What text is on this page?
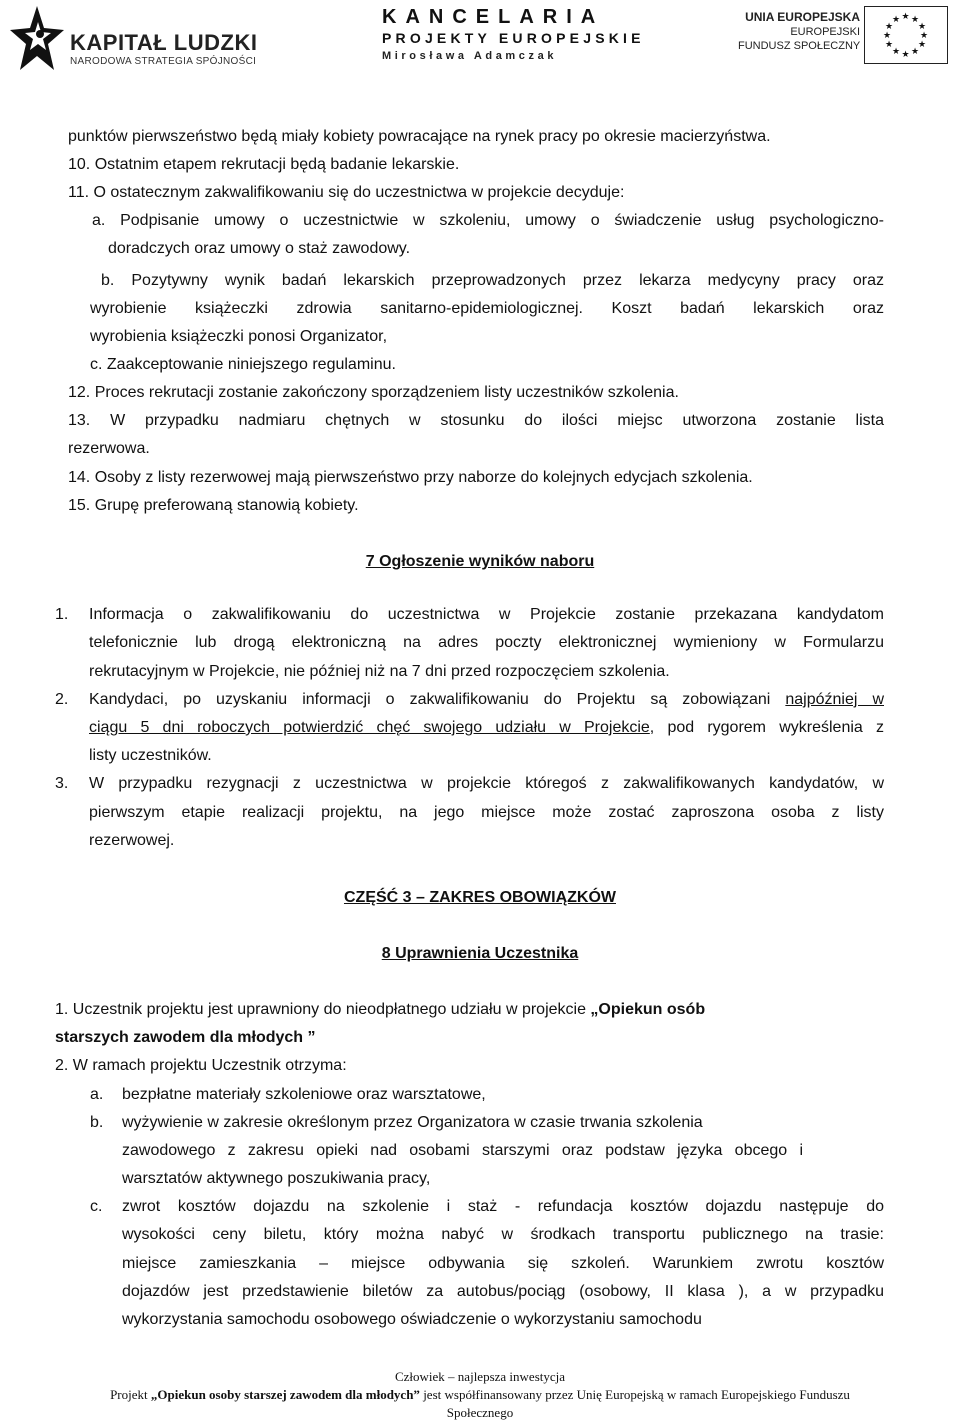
KAPITAŁ LUDZKI
NARODOWA STRATEGIA SPÓJNOŚCI
KANCELARIA
PROJEKTY EUROPEJSKIE
Mirosława Adamczak
UNIA EUROPEJSKA
EUROPEJSKI
FUNDUSZ SPOŁECZNY
★ ★
★
★
★
★
★
★
★
★
★
★
punktów pierwszeństwo będą miały kobiety powracające na rynek pracy po okresie macierzyństwa.
10. Ostatnim etapem rekrutacji będą badanie lekarskie.
11. O ostatecznym zakwalifikowaniu się do uczestnictwa w projekcie decyduje:
a. Podpisanie umowy o uczestnictwie w szkoleniu, umowy o świadczenie usług psychologiczno-
doradczych oraz umowy o staż zawodowy.
b. Pozytywny wynik badań lekarskich przeprowadzonych przez lekarza medycyny pracy oraz
wyrobienie książeczki zdrowia sanitarno-epidemiologicznej. Koszt badań lekarskich oraz
wyrobienia książeczki ponosi Organizator,
c. Zaakceptowanie niniejszego regulaminu.
12. Proces rekrutacji zostanie zakończony sporządzeniem listy uczestników szkolenia.
13. W przypadku nadmiaru chętnych w stosunku do ilości miejsc utworzona zostanie lista
rezerwowa.
14. Osoby z listy rezerwowej mają pierwszeństwo przy naborze do kolejnych edycjach szkolenia.
15. Grupę preferowaną stanowią kobiety.
7 Ogłoszenie wyników naboru
1. Informacja o zakwalifikowaniu do uczestnictwa w Projekcie zostanie przekazana kandydatom
telefonicznie lub drogą elektroniczną na adres poczty elektronicznej wymieniony w Formularzu
rekrutacyjnym w Projekcie, nie później niż na 7 dni przed rozpoczęciem szkolenia.
2. Kandydaci, po uzyskaniu informacji o zakwalifikowaniu do Projektu są zobowiązani najpóźniej w
ciągu 5 dni roboczych potwierdzić chęć swojego udziału w Projekcie, pod rygorem wykreślenia z
listy uczestników.
3. W przypadku rezygnacji z uczestnictwa w projekcie któregoś z zakwalifikowanych kandydatów, w
pierwszym etapie realizacji projektu, na jego miejsce może zostać zaproszona osoba z listy
rezerwowej.
CZĘŚĆ 3 – ZAKRES OBOWIĄZKÓW
8 Uprawnienia Uczestnika
1. Uczestnik projektu jest uprawniony do nieodpłatnego udziału w projekcie „Opiekun osób
starszych zawodem dla młodych ”
2. W ramach projektu Uczestnik otrzyma:
a. bezpłatne materiały szkoleniowe oraz warsztatowe,
b. wyżywienie w zakresie określonym przez Organizatora w czasie trwania szkolenia
zawodowego z zakresu opieki nad osobami starszymi oraz podstaw języka obcego i
warsztatów aktywnego poszukiwania pracy,
c. zwrot kosztów dojazdu na szkolenie i staż - refundacja kosztów dojazdu następuje do
wysokości ceny biletu, który można nabyć w środkach transportu publicznego na trasie:
miejsce zamieszkania – miejsce odbywania się szkoleń. Warunkiem zwrotu kosztów
dojazdów jest przedstawienie biletów za autobus/pociąg (osobowy, II klasa ), a w przypadku
wykorzystania samochodu osobowego oświadczenie o wykorzystaniu samochodu
Człowiek – najlepsza inwestycja
Projekt „Opiekun osoby starszej zawodem dla młodych” jest współfinansowany przez Unię Europejską w ramach Europejskiego Funduszu
Społecznego
